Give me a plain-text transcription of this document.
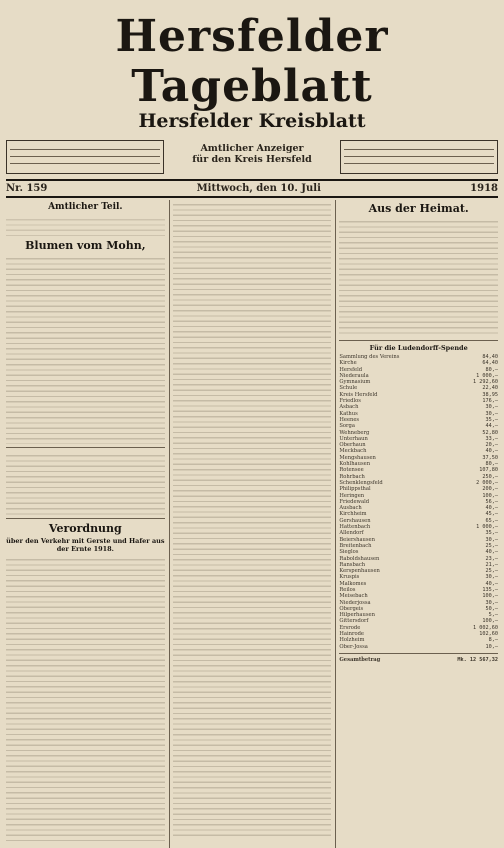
Hersfelder Tageblatt
Hersfelder Kreisblatt
Amtlicher Anzeiger
für den Kreis Hersfeld
Nr. 159	Mittwoch, den 10. Juli	1918
Amtlicher Teil.
Blumen vom Mohn,
Verordnung
über den Verkehr mit Gerste und Hafer aus der Ernte 1918.
Aus der Heimat.
Für die Ludendorff-Spende
Sammlung des Vereins	84,40
Kirche	64,40
Hersfeld	80,—
Niederaula	1 000,—
Gymnasium	1 292,60
Schule	22,40
Kreis Hersfeld	38,95
Friedlos	176,—
Asbach	30,—
Kathus	30,—
Heenes	35,—
Sorga	44,—
Wehneberg	52,80
Unterhaun	33,—
Oberhaun	20,—
Meckbach	40,—
Mengshausen	37,50
Kohlhausen	80,—
Rotensee	107,80
Rohrbach	250,—
Schenklengsfeld	2 000,—
Philippsthal	200,—
Heringen	100,—
Friedewald	56,—
Ausbach	40,—
Kirchheim	45,—
Gershausen	65,—
Hattenbach	1 000,—
Allendorf	35,—
Beiershausen	30,—
Breitenbach	25,—
Sieglos	40,—
Raboldshausen	23,—
Ransbach	21,—
Kerspenhausen	25,—
Kruspis	30,—
Malkomes	40,—
Reilos	135,—
Meisebach	100,—
Niederjossa	30,—
Obergeis	50,—
Hilperhausen	5,—
Gittersdorf	100,—
Ersrode	1 002,60
Hainrode	102,60
Holzheim	8,—
Ober-Jossa	10,—
Gesamtbetrag	Mk. 12 567,32
